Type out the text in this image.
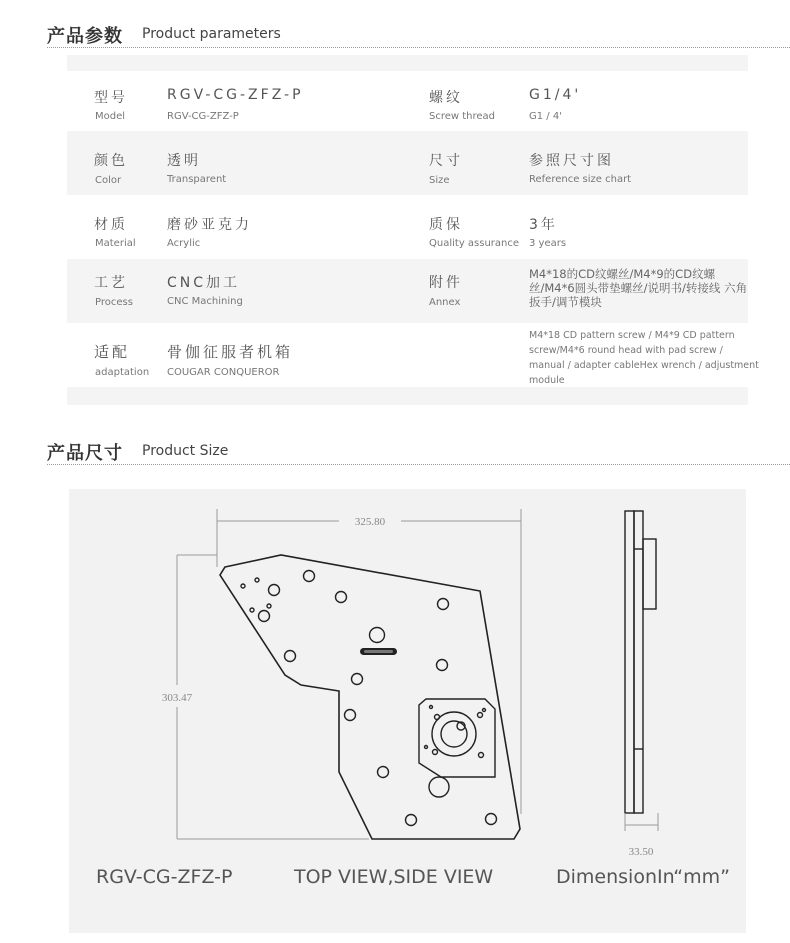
产品参数 Product parameters
型号
Model
RGV-CG-ZFZ-P
RGV-CG-ZFZ-P
螺纹
Screw thread
G1/4'
G1 / 4'
颜色
Color
透明
Transparent
尺寸
Size
参照尺寸图
Reference size chart
材质
Material
磨砂亚克力
Acrylic
质保
Quality assurance
3年
3 years
工艺
Process
CNC加工
CNC Machining
附件
Annex
M4*18的CD纹螺丝/M4*9的CD纹螺丝/M4*6圆头带垫螺丝/说明书/转接线 六角扳手/调节模块
适配
adaptation
骨伽征服者机箱
COUGAR CONQUEROR
M4*18 CD pattern screw / M4*9 CD pattern screw/M4*6 round head with pad screw / manual / adapter cableHex wrench / adjustment module
产品尺寸 Product Size
325.80
303.47
33.50
RGV-CG-ZFZ-P	TOP VIEW,SIDE VIEW	DimensionIn“mm”
